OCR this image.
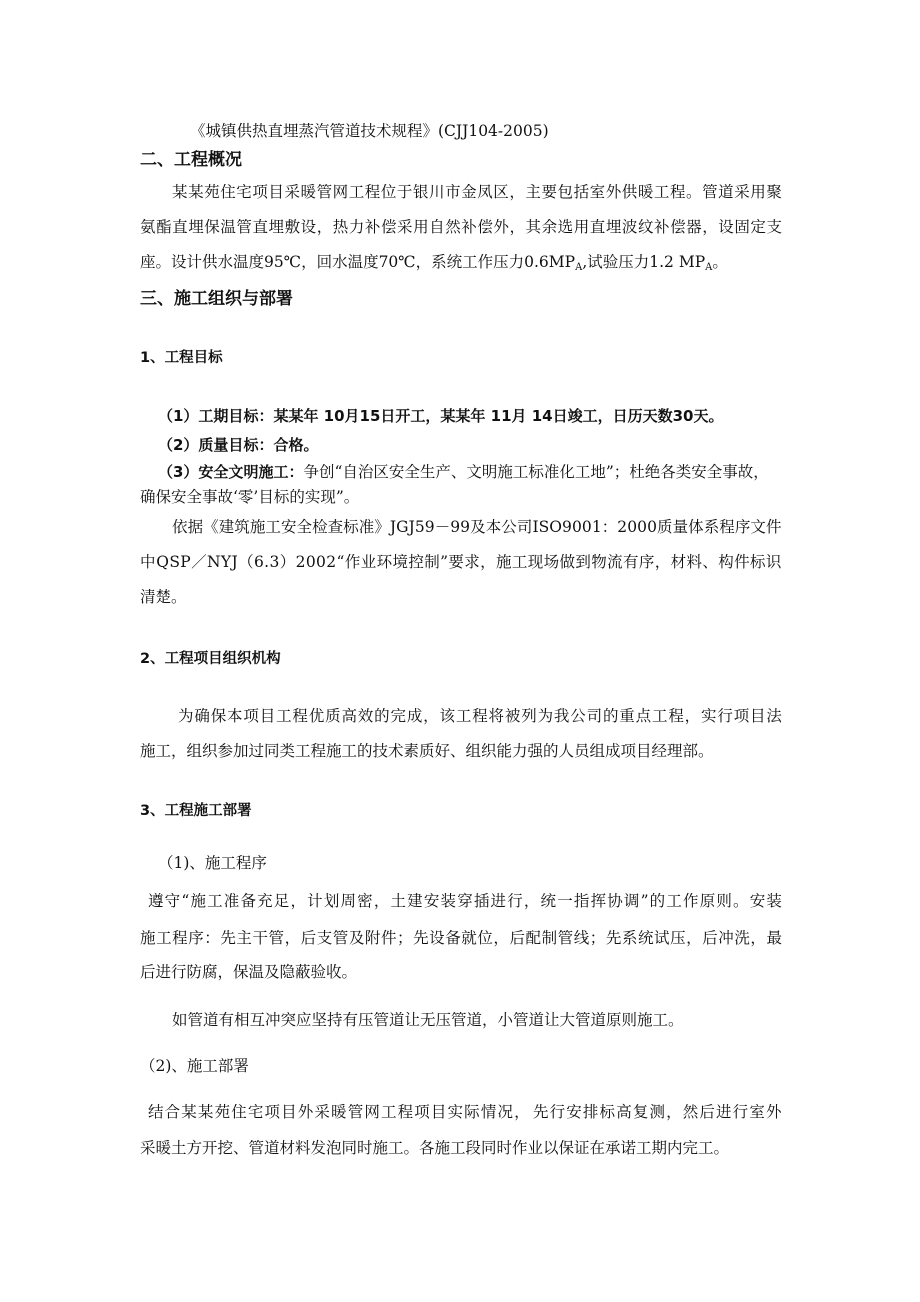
《城镇供热直埋蒸汽管道技术规程》(CJJ104-2005)
二、工程概况
某 某 苑 住 宅 项 目 采 暖 管 网 工 程 位 于 银 川 市 金 凤 区 ， 主 要 包 括 室 外 供 暖 工 程 。 管 道 采 用 聚
氨 酯 直 埋 保 温 管 直 埋 敷 设 ， 热 力 补 偿 采 用 自 然 补 偿 外 ， 其 余 选 用 直 埋 波 纹 补 偿 器 ， 设 固 定 支
座。设计供水温度95℃，回水温度70℃，系统工作压力$0.6MP_A$,试验压力1.2 $MP_A$。
三、施工组织与部署
1、工程目标
（1）工期目标：某某年 10月15日开工，某某年 11月 14日竣工，日历天数30天。
（2）质量目标：合格。
（3）安全文明施工：争创“自治区安全生产、文明施工标准化工地”；杜绝各类安全事故，
确保安全事故‘零’目标的实现”。
依 据 《 建 筑 施 工 安 全 检 查 标 准 》 J G J 5 9 － 9 9 及 本 公 司 I S O 9 0 0 1 ： 2 0 0 0 质 量 体 系 程 序 文 件
中 Q S P ／ N Y J （ 6 . 3 ） 2 0 0 2 “ 作 业 环 境 控 制 ” 要 求 ， 施 工 现 场 做 到 物 流 有 序 ， 材 料 、 构 件 标 识
清楚。
2、工程项目组织机构
为 确 保 本 项 目 工 程 优 质 高 效 的 完 成 ， 该 工 程 将 被 列 为 我 公 司 的 重 点 工 程 ， 实 行 项 目 法
施工，组织参加过同类工程施工的技术素质好、组织能力强的人员组成项目经理部。
3、工程施工部署
（1)、施工程序
遵 守 “ 施 工 准 备 充 足 ， 计 划 周 密 ， 土 建 安 装 穿 插 进 行 ， 统 一 指 挥 协 调 ” 的 工 作 原 则 。 安 装
施 工 程 序 ： 先 主 干 管 ， 后 支 管 及 附 件 ； 先 设 备 就 位 ， 后 配 制 管 线 ； 先 系 统 试 压 ， 后 冲 洗 ， 最
后进行防腐，保温及隐蔽验收。
如管道有相互冲突应坚持有压管道让无压管道，小管道让大管道原则施工。
（2)、施工部署
结 合 某 某 苑 住 宅 项 目 外 采 暖 管 网 工 程 项 目 实 际 情 况 ， 先 行 安 排 标 高 复 测 ， 然 后 进 行 室 外
采暖土方开挖、管道材料发泡同时施工。各施工段同时作业以保证在承诺工期内完工。
